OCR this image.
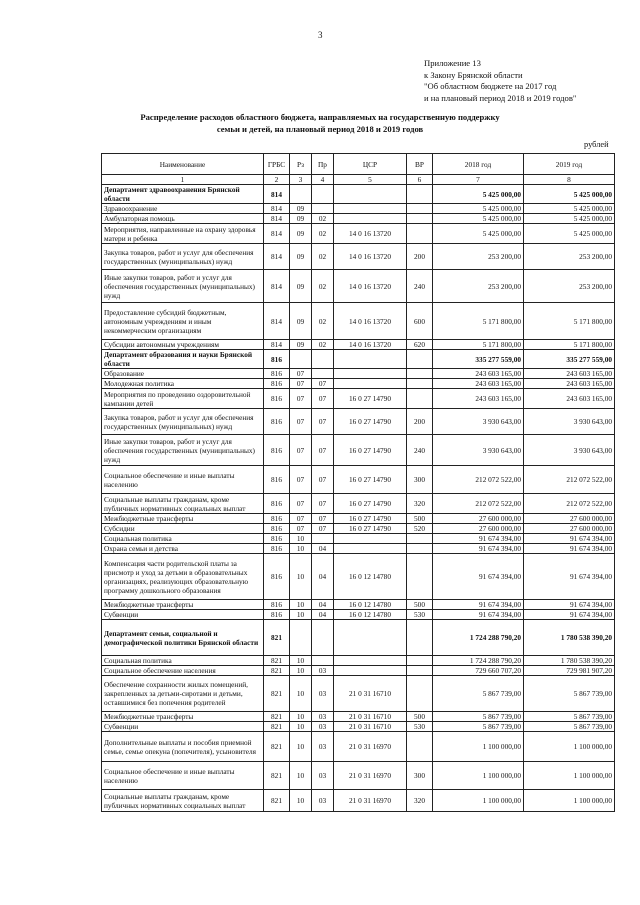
3
Приложение 13
к Закону Брянской области
"Об областном бюджете на 2017 год
и на плановый период 2018 и 2019 годов"
Распределение расходов областного бюджета, направляемых на государственную поддержку
семьи и детей, на плановый период 2018 и 2019 годов
рублей
Наименование	ГРБС	Рз	Пр	ЦСР	ВР	2018 год	2019 год
1	2	3	4	5	6	7	8
Департамент здравоохранения Брянской области	814					5 425 000,00	5 425 000,00
Здравоохранение	814	09				5 425 000,00	5 425 000,00
Амбулаторная помощь	814	09	02			5 425 000,00	5 425 000,00
Мероприятия, направленные на охрану здоровья матери и ребенка	814	09	02	14 0 16 13720		5 425 000,00	5 425 000,00
Закупка товаров, работ и услуг для обеспечения государственных (муниципальных) нужд	814	09	02	14 0 16 13720	200	253 200,00	253 200,00
Иные закупки товаров, работ и услуг для обеспечения государственных (муниципальных) нужд	814	09	02	14 0 16 13720	240	253 200,00	253 200,00
Предоставление субсидий бюджетным, автономным учреждениям и иным некоммерческим организациям	814	09	02	14 0 16 13720	600	5 171 800,00	5 171 800,00
Субсидии автономным учреждениям	814	09	02	14 0 16 13720	620	5 171 800,00	5 171 800,00
Департамент образования и науки Брянской области	816					335 277 559,00	335 277 559,00
Образование	816	07				243 603 165,00	243 603 165,00
Молодежная политика	816	07	07			243 603 165,00	243 603 165,00
Мероприятия по проведению оздоровительной кампании детей	816	07	07	16 0 27 14790		243 603 165,00	243 603 165,00
Закупка товаров, работ и услуг для обеспечения государственных (муниципальных) нужд	816	07	07	16 0 27 14790	200	3 930 643,00	3 930 643,00
Иные закупки товаров, работ и услуг для обеспечения государственных (муниципальных) нужд	816	07	07	16 0 27 14790	240	3 930 643,00	3 930 643,00
Социальное обеспечение и иные выплаты населению	816	07	07	16 0 27 14790	300	212 072 522,00	212 072 522,00
Социальные выплаты гражданам, кроме публичных нормативных социальных выплат	816	07	07	16 0 27 14790	320	212 072 522,00	212 072 522,00
Межбюджетные трансферты	816	07	07	16 0 27 14790	500	27 600 000,00	27 600 000,00
Субсидии	816	07	07	16 0 27 14790	520	27 600 000,00	27 600 000,00
Социальная политика	816	10				91 674 394,00	91 674 394,00
Охрана семьи и детства	816	10	04			91 674 394,00	91 674 394,00
Компенсация части родительской платы за присмотр и уход за детьми в образовательных организациях, реализующих образовательную программу дошкольного образования	816	10	04	16 0 12 14780		91 674 394,00	91 674 394,00
Межбюджетные трансферты	816	10	04	16 0 12 14780	500	91 674 394,00	91 674 394,00
Субвенции	816	10	04	16 0 12 14780	530	91 674 394,00	91 674 394,00
Департамент семьи, социальной и демографической политики Брянской области	821					1 724 288 790,20	1 780 538 390,20
Социальная политика	821	10				1 724 288 790,20	1 780 538 390,20
Социальное обеспечение населения	821	10	03			729 660 707,20	729 981 907,20
Обеспечение сохранности жилых помещений, закрепленных за детьми-сиротами и детьми, оставшимися без попечения родителей	821	10	03	21 0 31 16710		5 867 739,00	5 867 739,00
Межбюджетные трансферты	821	10	03	21 0 31 16710	500	5 867 739,00	5 867 739,00
Субвенции	821	10	03	21 0 31 16710	530	5 867 739,00	5 867 739,00
Дополнительные выплаты и пособия приемной семье, семье опекуна (попечителя), усыновителя	821	10	03	21 0 31 16970		1 100 000,00	1 100 000,00
Социальное обеспечение и иные выплаты населению	821	10	03	21 0 31 16970	300	1 100 000,00	1 100 000,00
Социальные выплаты гражданам, кроме публичных нормативных социальных выплат	821	10	03	21 0 31 16970	320	1 100 000,00	1 100 000,00
